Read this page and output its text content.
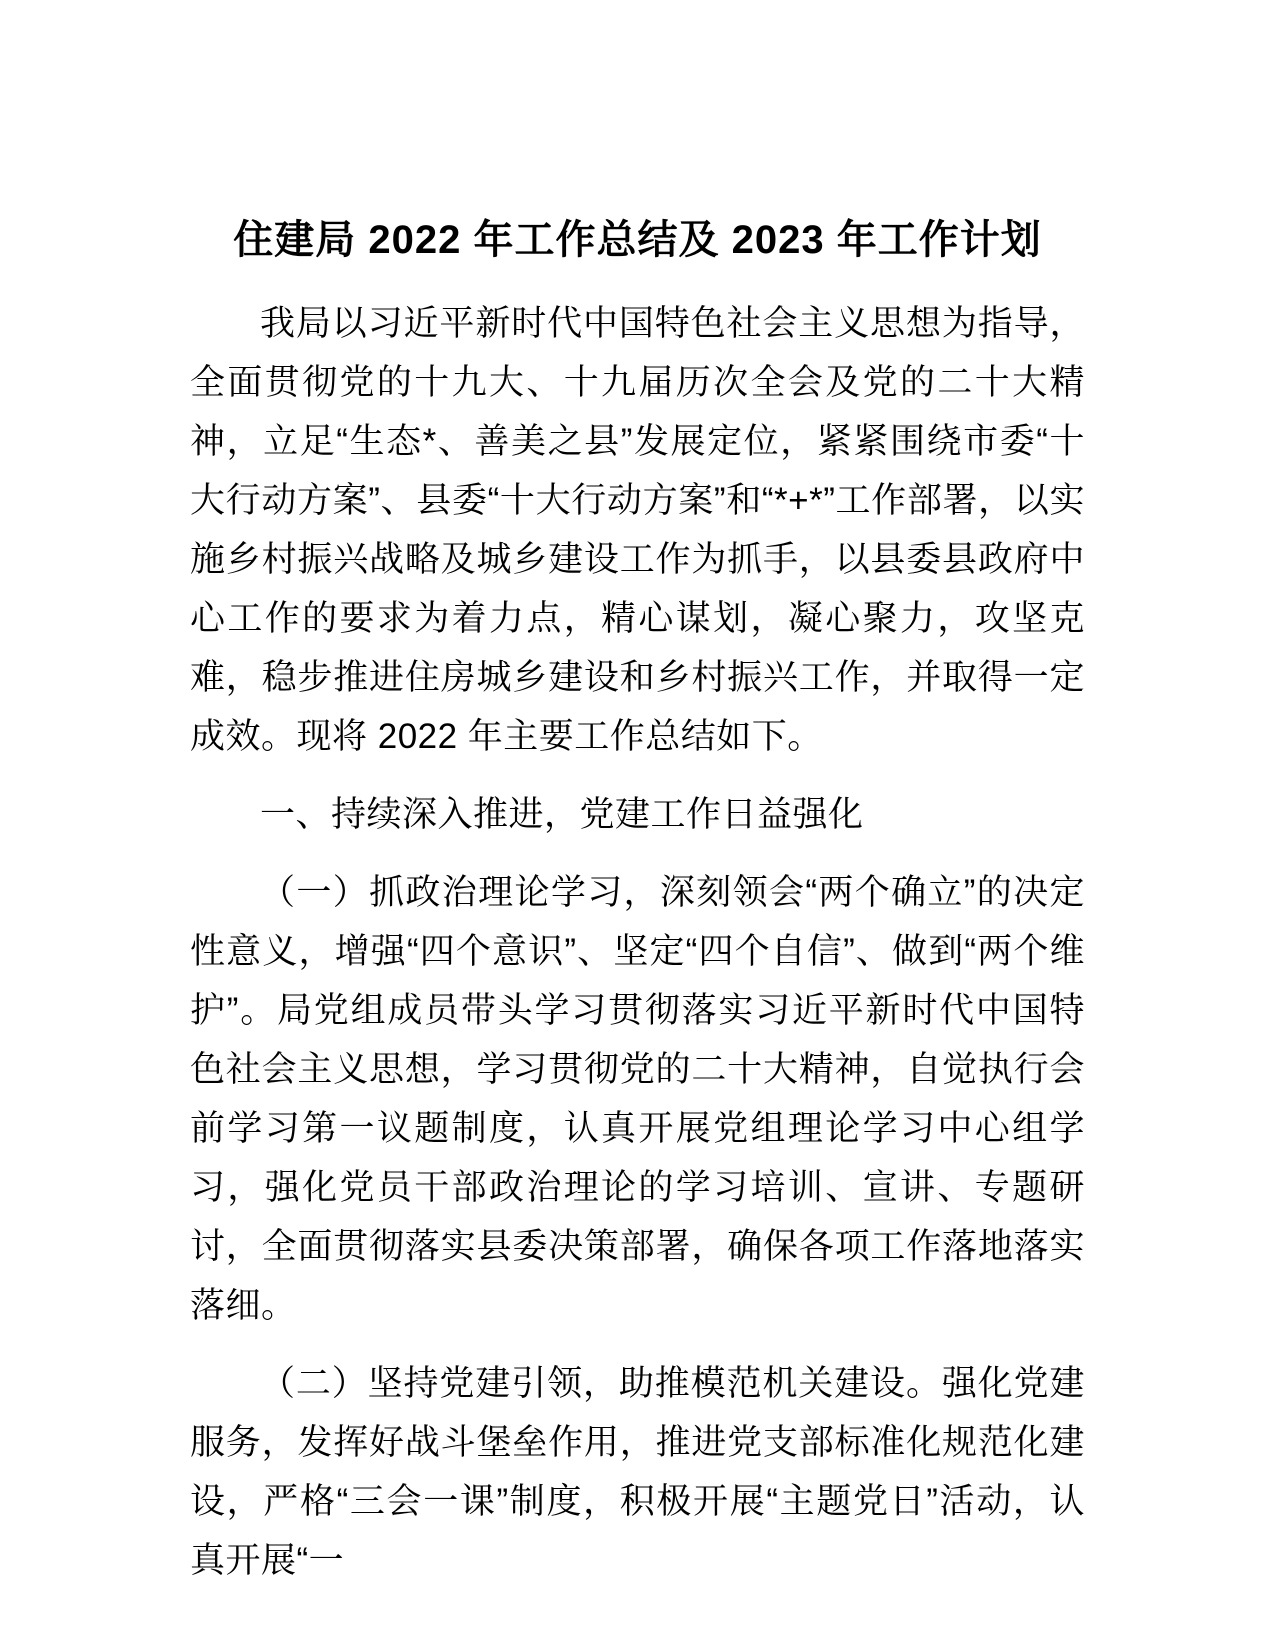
住建局 2022 年工作总结及 2023 年工作计划

我局以习近平新时代中国特色社会主义思想为指导，全面贯彻党的十九大、十九届历次全会及党的二十大精神，立足“生态*、善美之县”发展定位，紧紧围绕市委“十大行动方案”、县委“十大行动方案”和“*+*”工作部署，以实施乡村振兴战略及城乡建设工作为抓手，以县委县政府中心工作的要求为着力点，精心谋划，凝心聚力，攻坚克难，稳步推进住房城乡建设和乡村振兴工作，并取得一定成效。现将 2022 年主要工作总结如下。

一、持续深入推进，党建工作日益强化

（一）抓政治理论学习，深刻领会“两个确立”的决定性意义，增强“四个意识”、坚定“四个自信”、做到“两个维护”。局党组成员带头学习贯彻落实习近平新时代中国特色社会主义思想，学习贯彻党的二十大精神，自觉执行会前学习第一议题制度，认真开展党组理论学习中心组学习，强化党员干部政治理论的学习培训、宣讲、专题研讨，全面贯彻落实县委决策部署，确保各项工作落地落实落细。

（二）坚持党建引领，助推模范机关建设。强化党建服务，发挥好战斗堡垒作用，推进党支部标准化规范化建设，严格“三会一课”制度，积极开展“主题党日”活动，认真开展“一
